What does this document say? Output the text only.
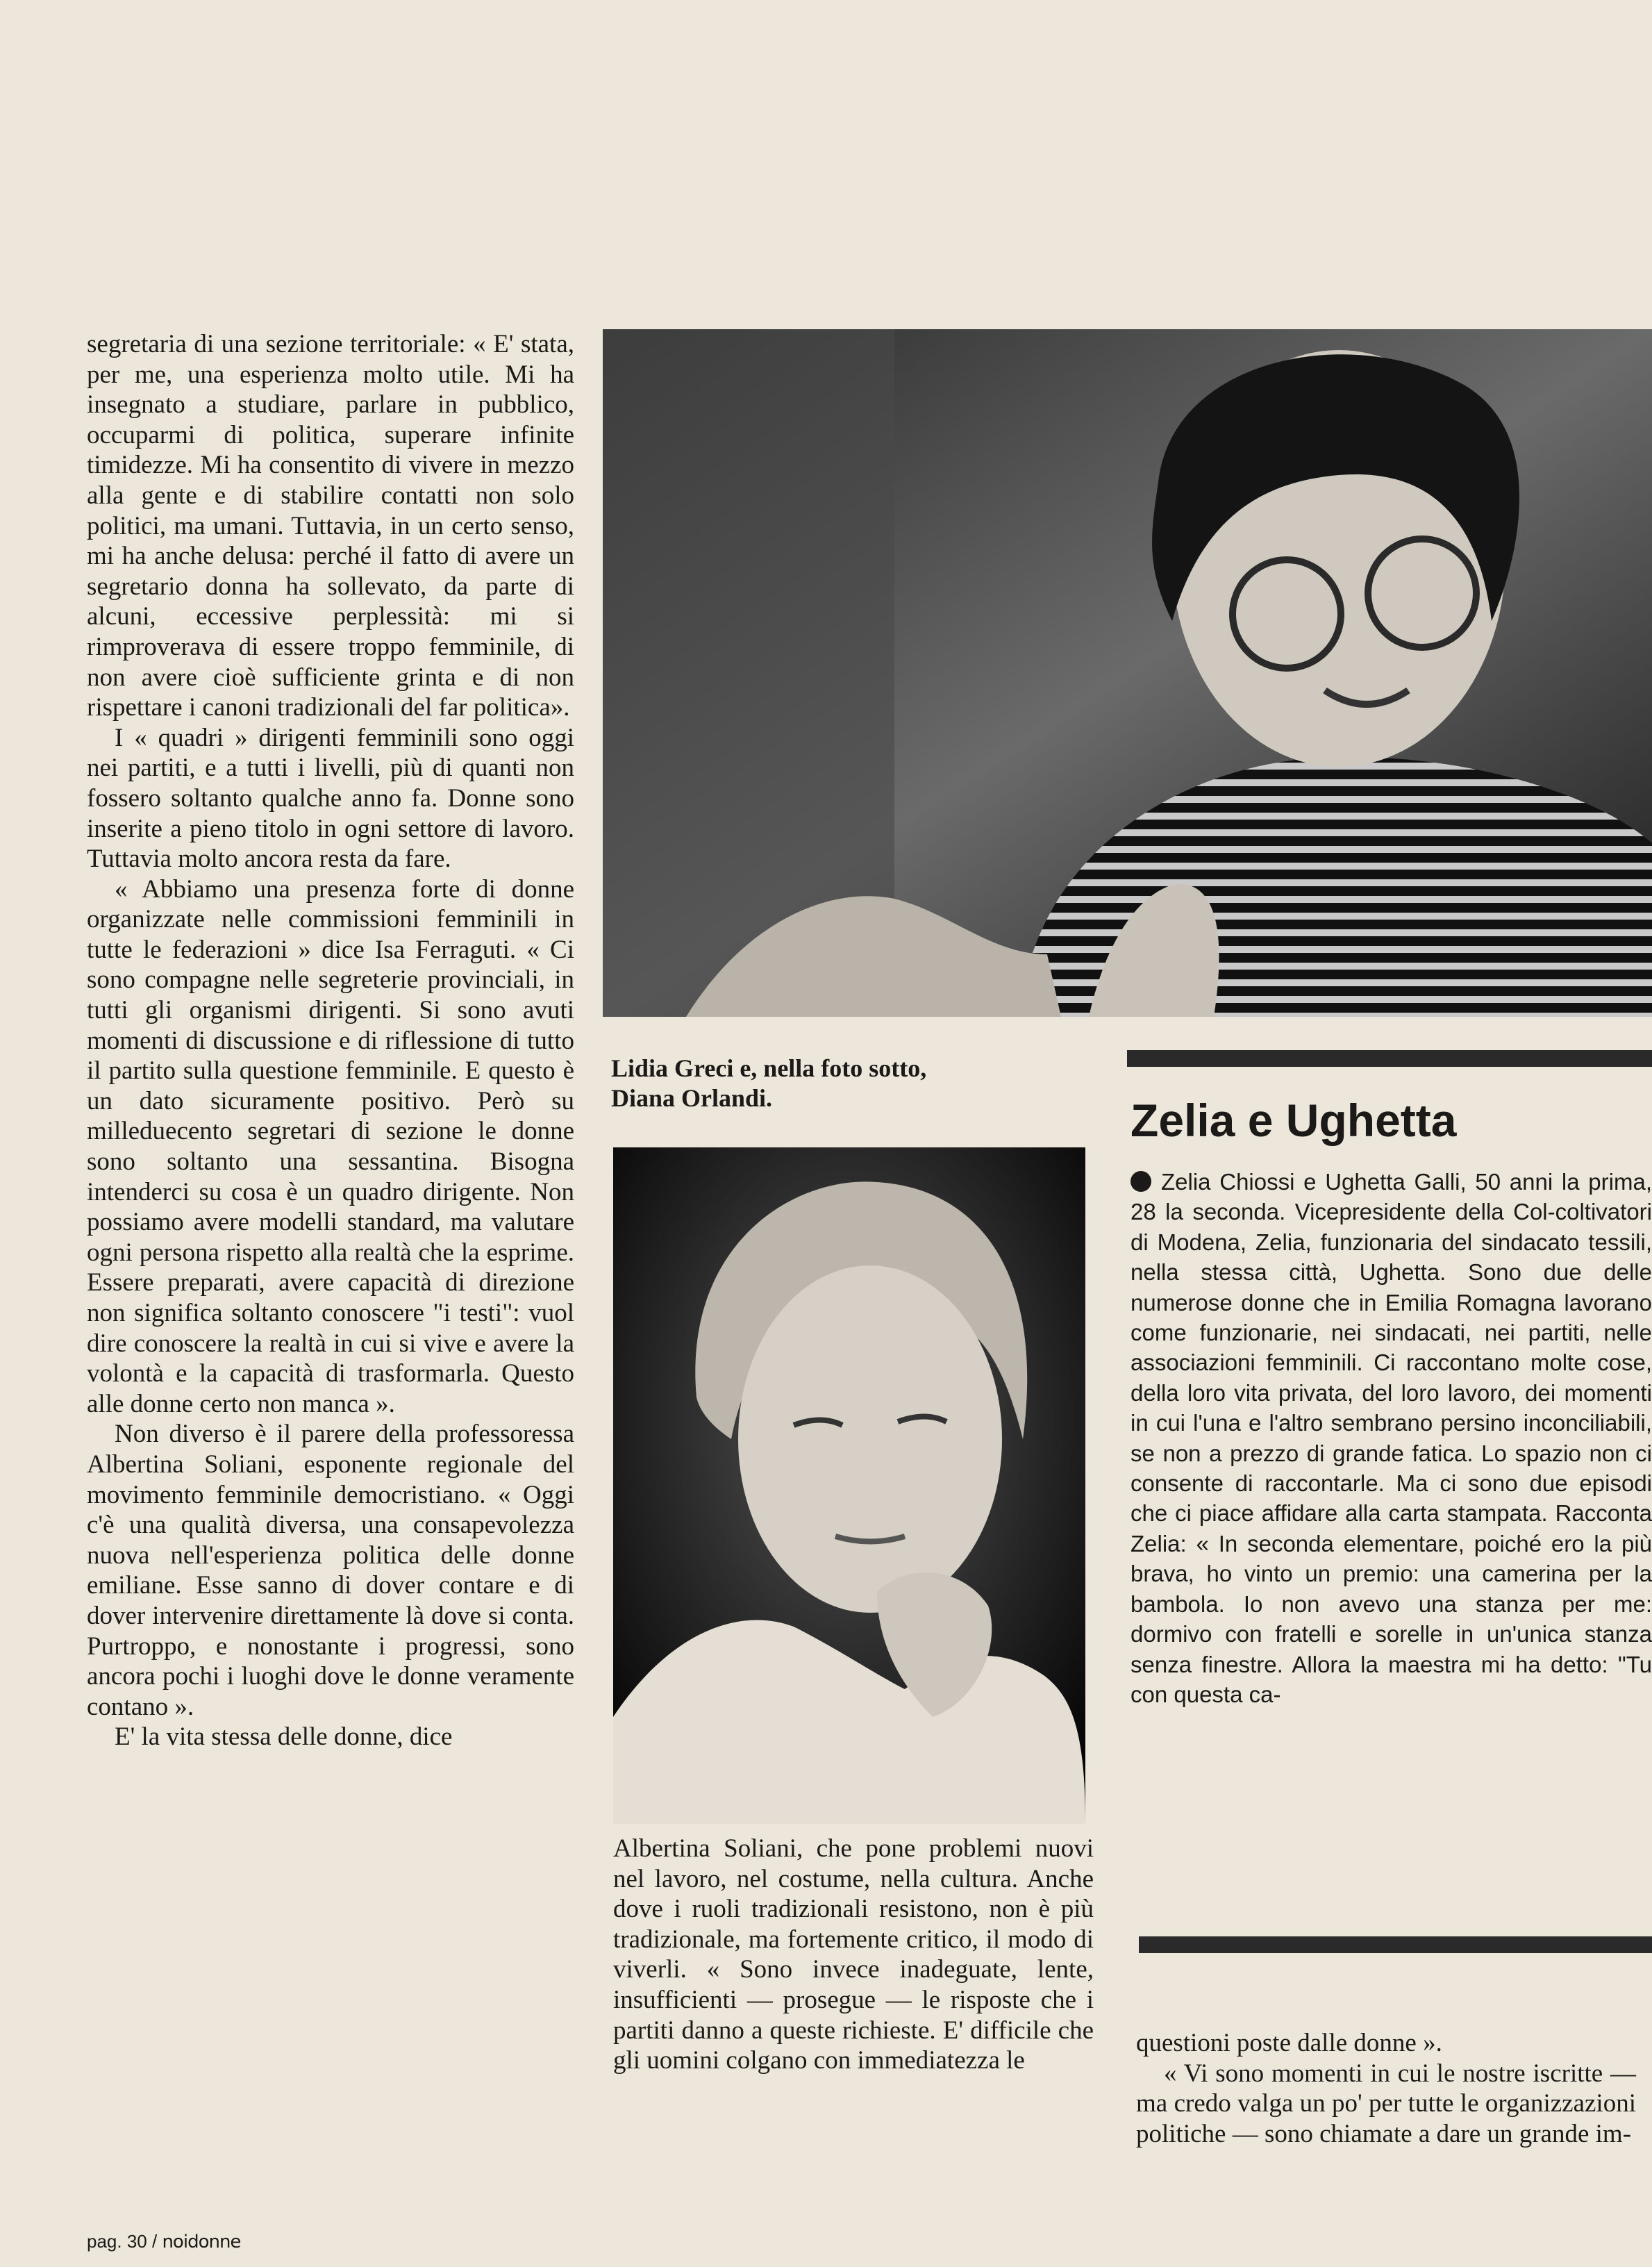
segretaria di una sezione territoriale: « E' stata, per me, una esperienza molto utile. Mi ha insegnato a studiare, parlare in pubblico, occuparmi di politica, superare infinite timidezze. Mi ha consentito di vivere in mezzo alla gente e di stabilire contatti non solo politici, ma umani. Tuttavia, in un certo senso, mi ha anche delusa: perché il fatto di avere un segretario donna ha sollevato, da parte di alcuni, eccessive perplessità: mi si rimproverava di essere troppo femminile, di non avere cioè sufficiente grinta e di non rispettare i canoni tradizionali del far politica».

I « quadri » dirigenti femminili sono oggi nei partiti, e a tutti i livelli, più di quanti non fossero soltanto qualche anno fa. Donne sono inserite a pieno titolo in ogni settore di lavoro. Tuttavia molto ancora resta da fare.

« Abbiamo una presenza forte di donne organizzate nelle commissioni femminili in tutte le federazioni » dice Isa Ferraguti. « Ci sono compagne nelle segreterie provinciali, in tutti gli organismi dirigenti. Si sono avuti momenti di discussione e di riflessione di tutto il partito sulla questione femminile. E questo è un dato sicuramente positivo. Però su milleduecento segretari di sezione le donne sono soltanto una sessantina. Bisogna intenderci su cosa è un quadro dirigente. Non possiamo avere modelli standard, ma valutare ogni persona rispetto alla realtà che la esprime. Essere preparati, avere capacità di direzione non significa soltanto conoscere "i testi": vuol dire conoscere la realtà in cui si vive e avere la volontà e la capacità di trasformarla. Questo alle donne certo non manca ».

Non diverso è il parere della professoressa Albertina Soliani, esponente regionale del movimento femminile democristiano. « Oggi c'è una qualità diversa, una consapevolezza nuova nell'esperienza politica delle donne emiliane. Esse sanno di dover contare e di dover intervenire direttamente là dove si conta. Purtroppo, e nonostante i progressi, sono ancora pochi i luoghi dove le donne veramente contano ».

E' la vita stessa delle donne, dice

Lidia Greci e, nella foto sotto, Diana Orlandi.

Albertina Soliani, che pone problemi nuovi nel lavoro, nel costume, nella cultura. Anche dove i ruoli tradizionali resistono, non è più tradizionale, ma fortemente critico, il modo di viverli. « Sono invece inadeguate, lente, insufficienti — prosegue — le risposte che i partiti danno a queste richieste. E' difficile che gli uomini colgano con immediatezza le

Zelia e Ughetta

Zelia Chiossi e Ughetta Galli, 50 anni la prima, 28 la seconda. Vicepresidente della Col-coltivatori di Modena, Zelia, funzionaria del sindacato tessili, nella stessa città, Ughetta. Sono due delle numerose donne che in Emilia Romagna lavorano come funzionarie, nei sindacati, nei partiti, nelle associazioni femminili. Ci raccontano molte cose, della loro vita privata, del loro lavoro, dei momenti in cui l'una e l'altro sembrano persino inconciliabili, se non a prezzo di grande fatica. Lo spazio non ci consente di raccontarle. Ma ci sono due episodi che ci piace affidare alla carta stampata. Racconta Zelia: « In seconda elementare, poiché ero la più brava, ho vinto un premio: una camerina per la bambola. Io non avevo una stanza per me: dormivo con fratelli e sorelle in un'unica stanza senza finestre. Allora la maestra mi ha detto: "Tu con questa ca-

questioni poste dalle donne ».

« Vi sono momenti in cui le nostre iscritte — ma credo valga un po' per tutte le organizzazioni politiche — sono chiamate a dare un grande im-

pag. 30 / noidonne
